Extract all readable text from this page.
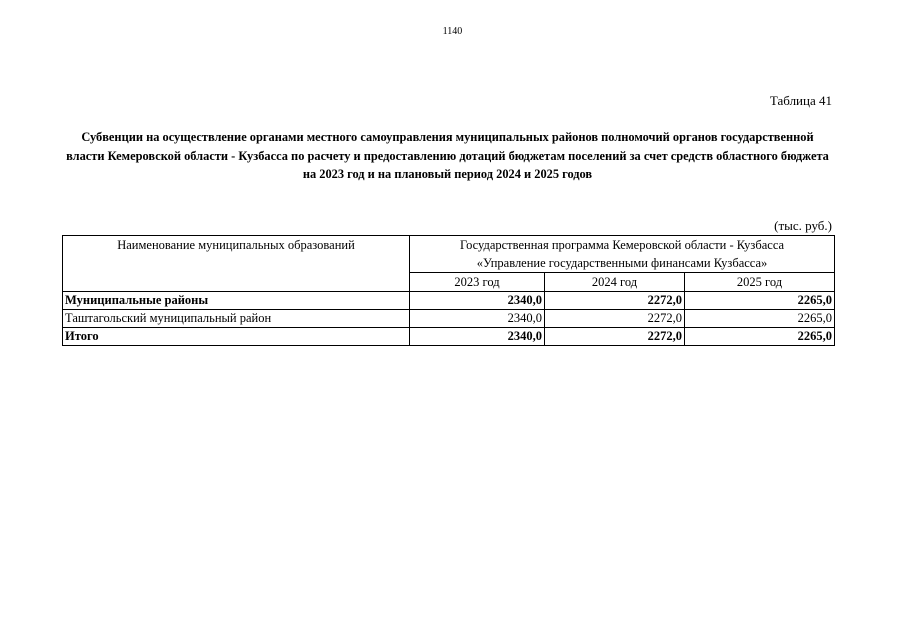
1140
Таблица 41
Субвенции на осуществление органами местного самоуправления муниципальных районов полномочий органов государственной власти Кемеровской области - Кузбасса по расчету и предоставлению дотаций бюджетам поселений за счет средств областного бюджета на 2023 год и на плановый период 2024 и 2025 годов
(тыс. руб.)
Наименование муниципальных образований	Государственная программа Кемеровской области - Кузбасса
«Управление государственными финансами Кузбасса»		

	2023 год	2024 год	2025 год
Муниципальные районы	2340,0	2272,0	2265,0
Таштагольский муниципальный район	2340,0	2272,0	2265,0
Итого	2340,0	2272,0	2265,0
